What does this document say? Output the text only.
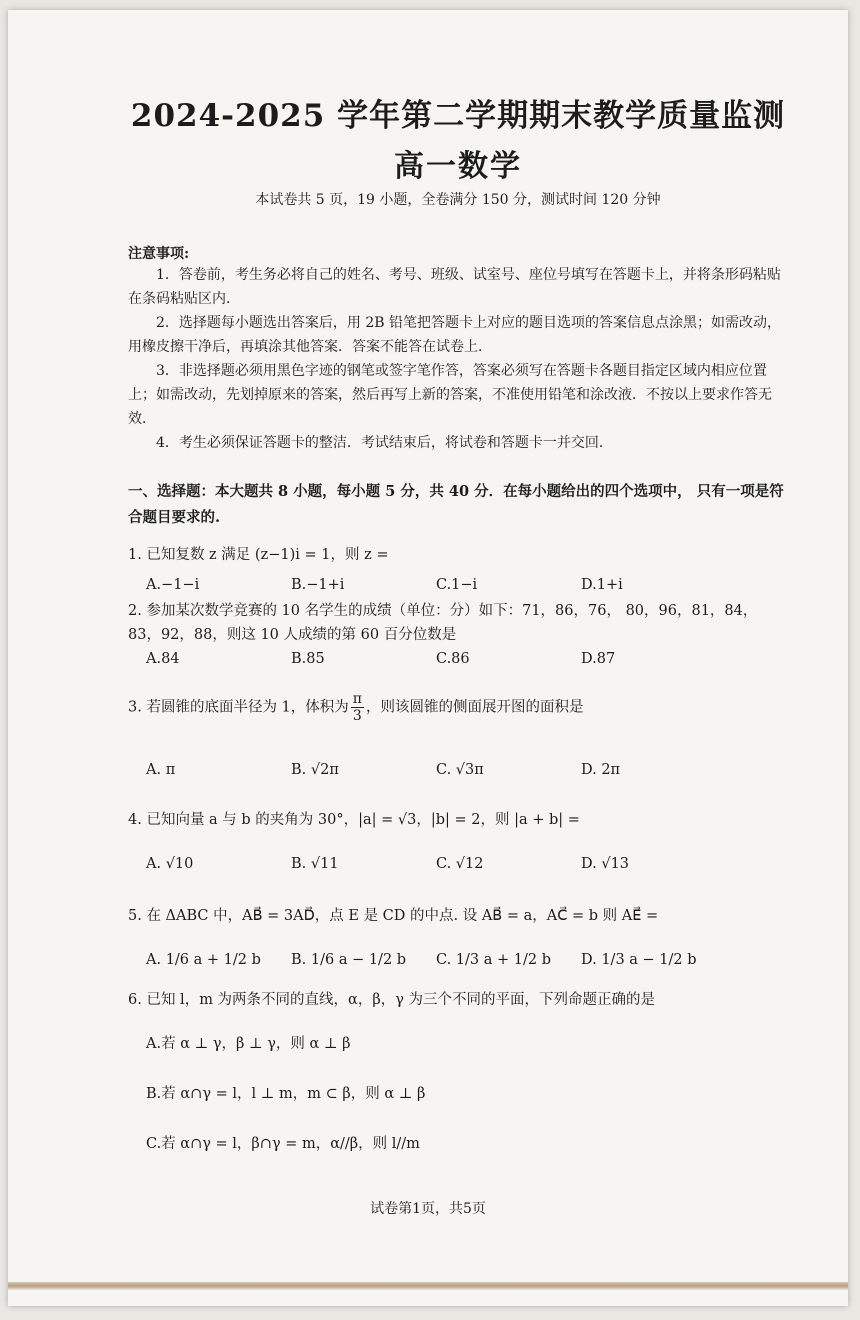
2024-2025 学年第二学期期末教学质量监测
高一数学
本试卷共 5 页，19 小题，全卷满分 150 分，测试时间 120 分钟
注意事项:

1．答卷前，考生务必将自己的姓名、考号、班级、试室号、座位号填写在答题卡上，并将条形码粘贴在条码粘贴区内．

2．选择题每小题选出答案后，用 2B 铅笔把答题卡上对应的题目选项的答案信息点涂黑；如需改动，用橡皮擦干净后，再填涂其他答案．答案不能答在试卷上．

3．非选择题必须用黑色字迹的钢笔或签字笔作答，答案必须写在答题卡各题目指定区域内相应位置上；如需改动，先划掉原来的答案，然后再写上新的答案，不准使用铅笔和涂改液．不按以上要求作答无效．

4．考生必须保证答题卡的整洁．考试结束后，将试卷和答题卡一并交回．

一、选择题：本大题共 8 小题，每小题 5 分，共 40 分．在每小题给出的四个选项中， 只有一项是符合题目要求的.

1. 已知复数 z 满足 (z−1)i = 1，则 z =

A.−1−i	B.−1+i	C.1−i	D.1+i

2. 参加某次数学竞赛的 10 名学生的成绩（单位：分）如下：71，86，76， 80，96，81，84，83，92，88，则这 10 人成绩的第 60 百分位数是

A.84	B.85	C.86	D.87

3. 若圆锥的底面半径为 1，体积为 $\frac{\pi}{3}$ ，则该圆锥的侧面展开图的面积是

A. π	B. √2π	C. √3π	D. 2π

4. 已知向量 a 与 b 的夹角为 30°，|a| = √3，|b| = 2，则 |a + b| =

A. √10	B. √11	C. √12	D. √13

5. 在 ΔABC 中，AB⃗ = 3AD⃗，点 E 是 CD 的中点. 设 AB⃗ = a，AC⃗ = b 则 AE⃗ =

A. 1/6 a + 1/2 b	B. 1/6 a − 1/2 b	C. 1/3 a + 1/2 b	D. 1/3 a − 1/2 b

6. 已知 l，m 为两条不同的直线，α，β，γ 为三个不同的平面，下列命题正确的是

A.若 α ⊥ γ，β ⊥ γ，则 α ⊥ β
B.若 α∩γ = l，l ⊥ m，m ⊂ β，则 α ⊥ β
C.若 α∩γ = l，β∩γ = m，α//β，则 l//m
试卷第1页，共5页
